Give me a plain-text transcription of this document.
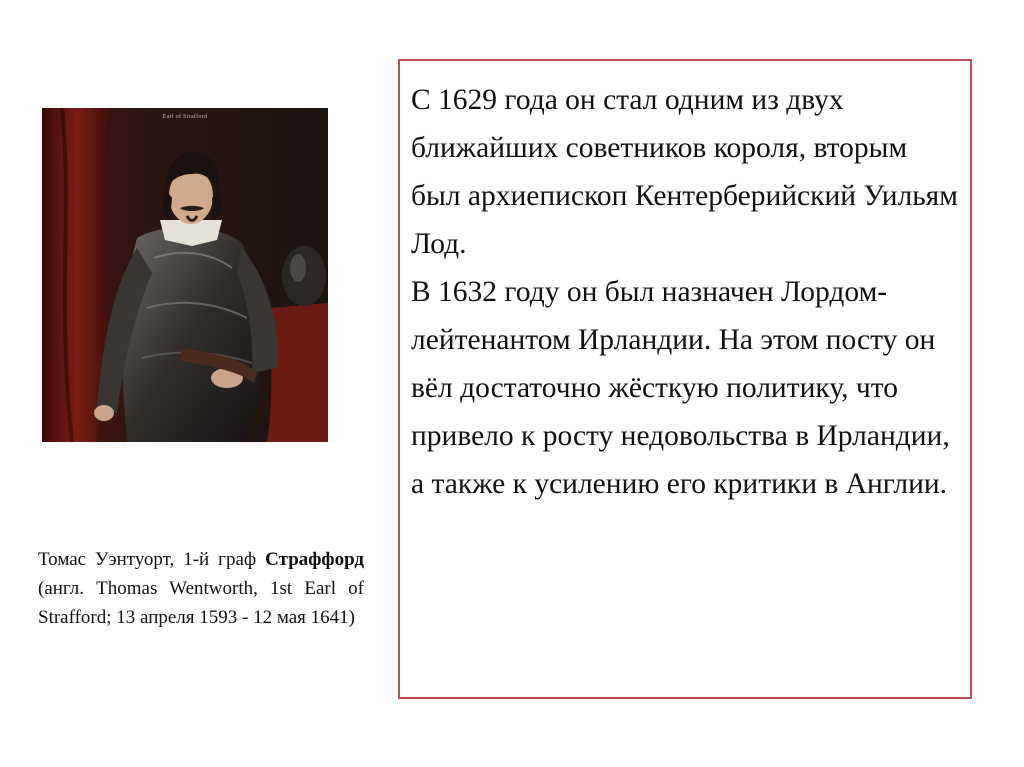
Earl of Strafford
Томас Уэнтуорт, 1-й граф Страффорд (англ. Thomas Wentworth, 1st Earl of Strafford; 13 апреля 1593 - 12 мая 1641)

С 1629 года он стал одним из двух ближайших советников короля, вторым был архиепископ Кентерберийский Уильям Лод.

В 1632 году он был назначен Лордом-лейтенантом Ирландии. На этом посту он вёл достаточно жёсткую политику, что привело к росту недовольства в Ирландии, а также к усилению его критики в Англии.
